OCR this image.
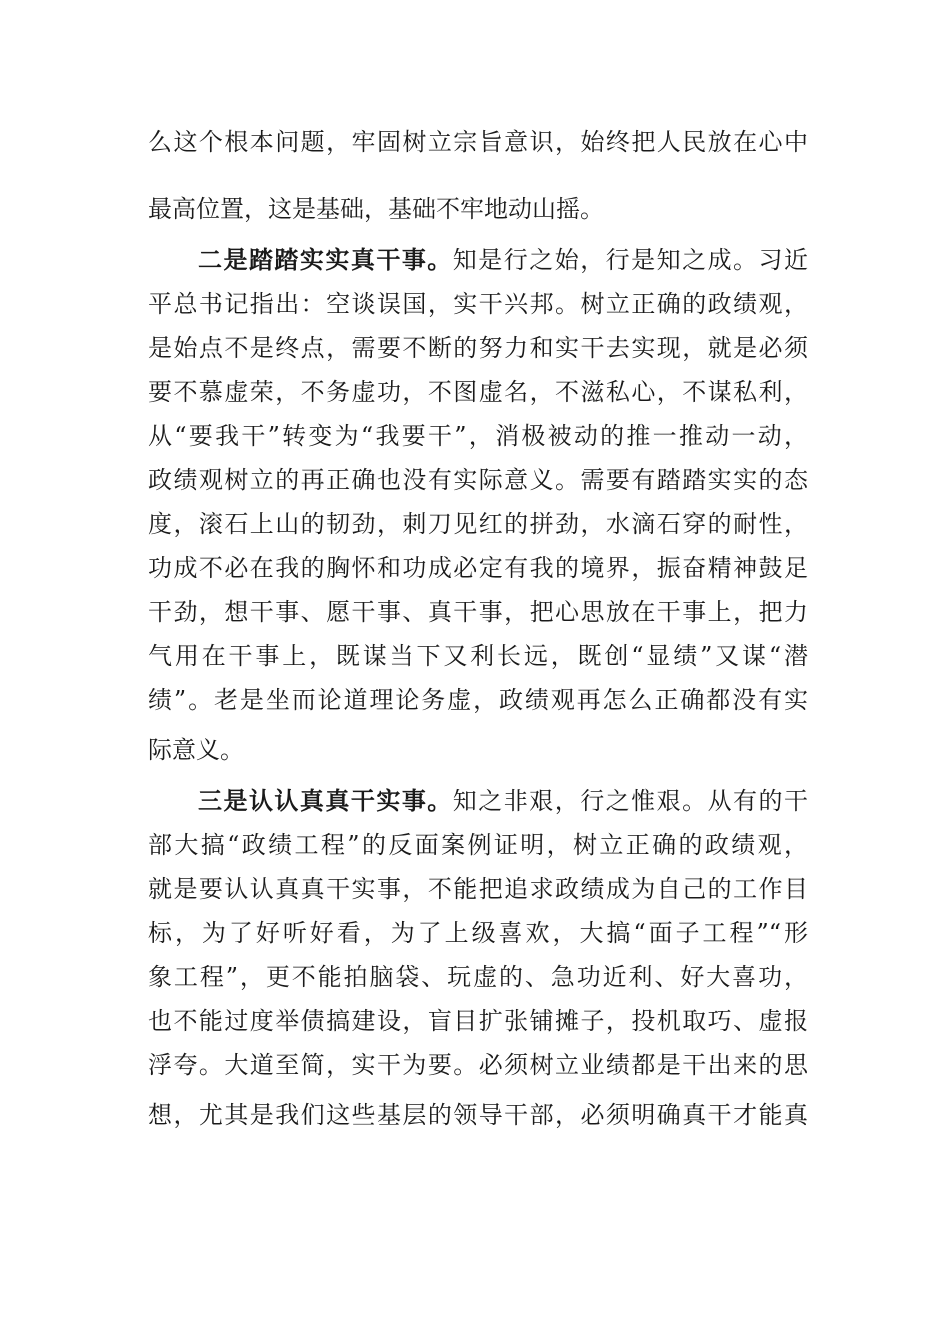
么这个根本问题，牢固树立宗旨意识，始终把人民放在心中
最高位置，这是基础，基础不牢地动山摇。
二是踏踏实实真干事。知是行之始，行是知之成。习近
平总书记指出：空谈误国，实干兴邦。树立正确的政绩观，
是始点不是终点，需要不断的努力和实干去实现，就是必须
要不慕虚荣，不务虚功，不图虚名，不滋私心，不谋私利，
从“要我干”转变为“我要干”，消极被动的推一推动一动，
政绩观树立的再正确也没有实际意义。需要有踏踏实实的态
度，滚石上山的韧劲，刺刀见红的拼劲，水滴石穿的耐性，
功成不必在我的胸怀和功成必定有我的境界，振奋精神鼓足
干劲，想干事、愿干事、真干事，把心思放在干事上，把力
气用在干事上，既谋当下又利长远，既创“显绩”又谋“潜
绩”。老是坐而论道理论务虚，政绩观再怎么正确都没有实
际意义。
三是认认真真干实事。知之非艰，行之惟艰。从有的干
部大搞“政绩工程”的反面案例证明，树立正确的政绩观，
就是要认认真真干实事，不能把追求政绩成为自己的工作目
标，为了好听好看，为了上级喜欢，大搞“面子工程”“形
象工程”，更不能拍脑袋、玩虚的、急功近利、好大喜功，
也不能过度举债搞建设，盲目扩张铺摊子，投机取巧、虚报
浮夸。大道至简，实干为要。必须树立业绩都是干出来的思
想，尤其是我们这些基层的领导干部，必须明确真干才能真
